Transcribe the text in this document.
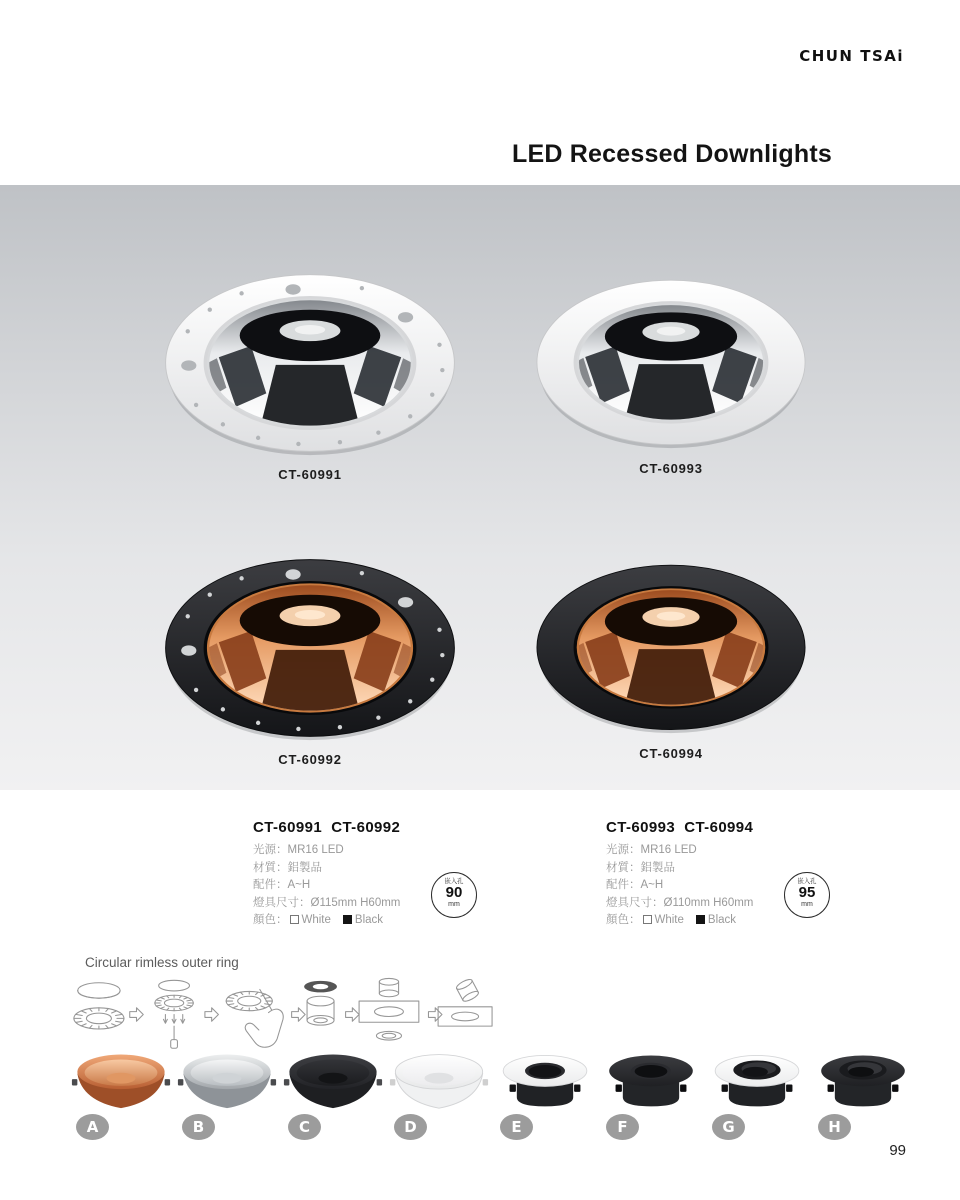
CHUN TSAi
LED Recessed Downlights
CT-60991	CT-60993
CT-60992	CT-60994
CT-60991  CT-60992
光源：MR16 LED
材質：鋁製品
配件：A~H
燈具尺寸：Ø115mm H60mm
顏色： White Black
嵌入孔
90
mm
CT-60993  CT-60994
光源：MR16 LED
材質：鋁製品
配件：A~H
燈具尺寸：Ø110mm H60mm
顏色： White Black
嵌入孔
95
mm
Circular rimless outer ring
A	B	C	D	E	F	G	H
99
